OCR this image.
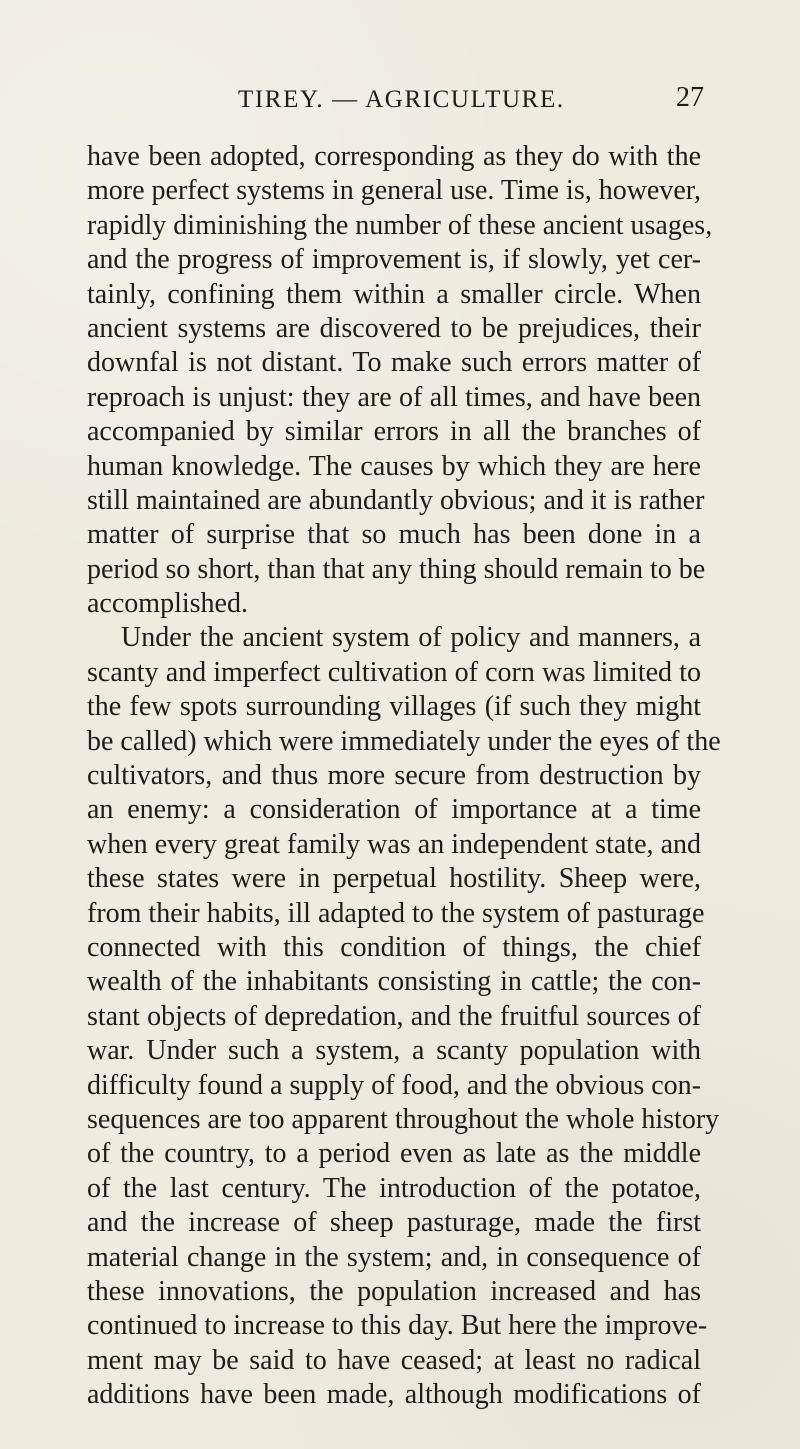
TIREY. — AGRICULTURE.	27
have been adopted, corresponding as they do with the
more perfect systems in general use. Time is, however,
rapidly diminishing the number of these ancient usages,
and the progress of improvement is, if slowly, yet cer-
tainly, confining them within a smaller circle. When
ancient systems are discovered to be prejudices, their
downfal is not distant. To make such errors matter of
reproach is unjust: they are of all times, and have been
accompanied by similar errors in all the branches of
human knowledge. The causes by which they are here
still maintained are abundantly obvious; and it is rather
matter of surprise that so much has been done in a
period so short, than that any thing should remain to be
accomplished.
Under the ancient system of policy and manners, a
scanty and imperfect cultivation of corn was limited to
the few spots surrounding villages (if such they might
be called) which were immediately under the eyes of the
cultivators, and thus more secure from destruction by
an enemy: a consideration of importance at a time
when every great family was an independent state, and
these states were in perpetual hostility. Sheep were,
from their habits, ill adapted to the system of pasturage
connected with this condition of things, the chief
wealth of the inhabitants consisting in cattle; the con-
stant objects of depredation, and the fruitful sources of
war. Under such a system, a scanty population with
difficulty found a supply of food, and the obvious con-
sequences are too apparent throughout the whole history
of the country, to a period even as late as the middle
of the last century. The introduction of the potatoe,
and the increase of sheep pasturage, made the first
material change in the system; and, in consequence of
these innovations, the population increased and has
continued to increase to this day. But here the improve-
ment may be said to have ceased; at least no radical
additions have been made, although modifications of
